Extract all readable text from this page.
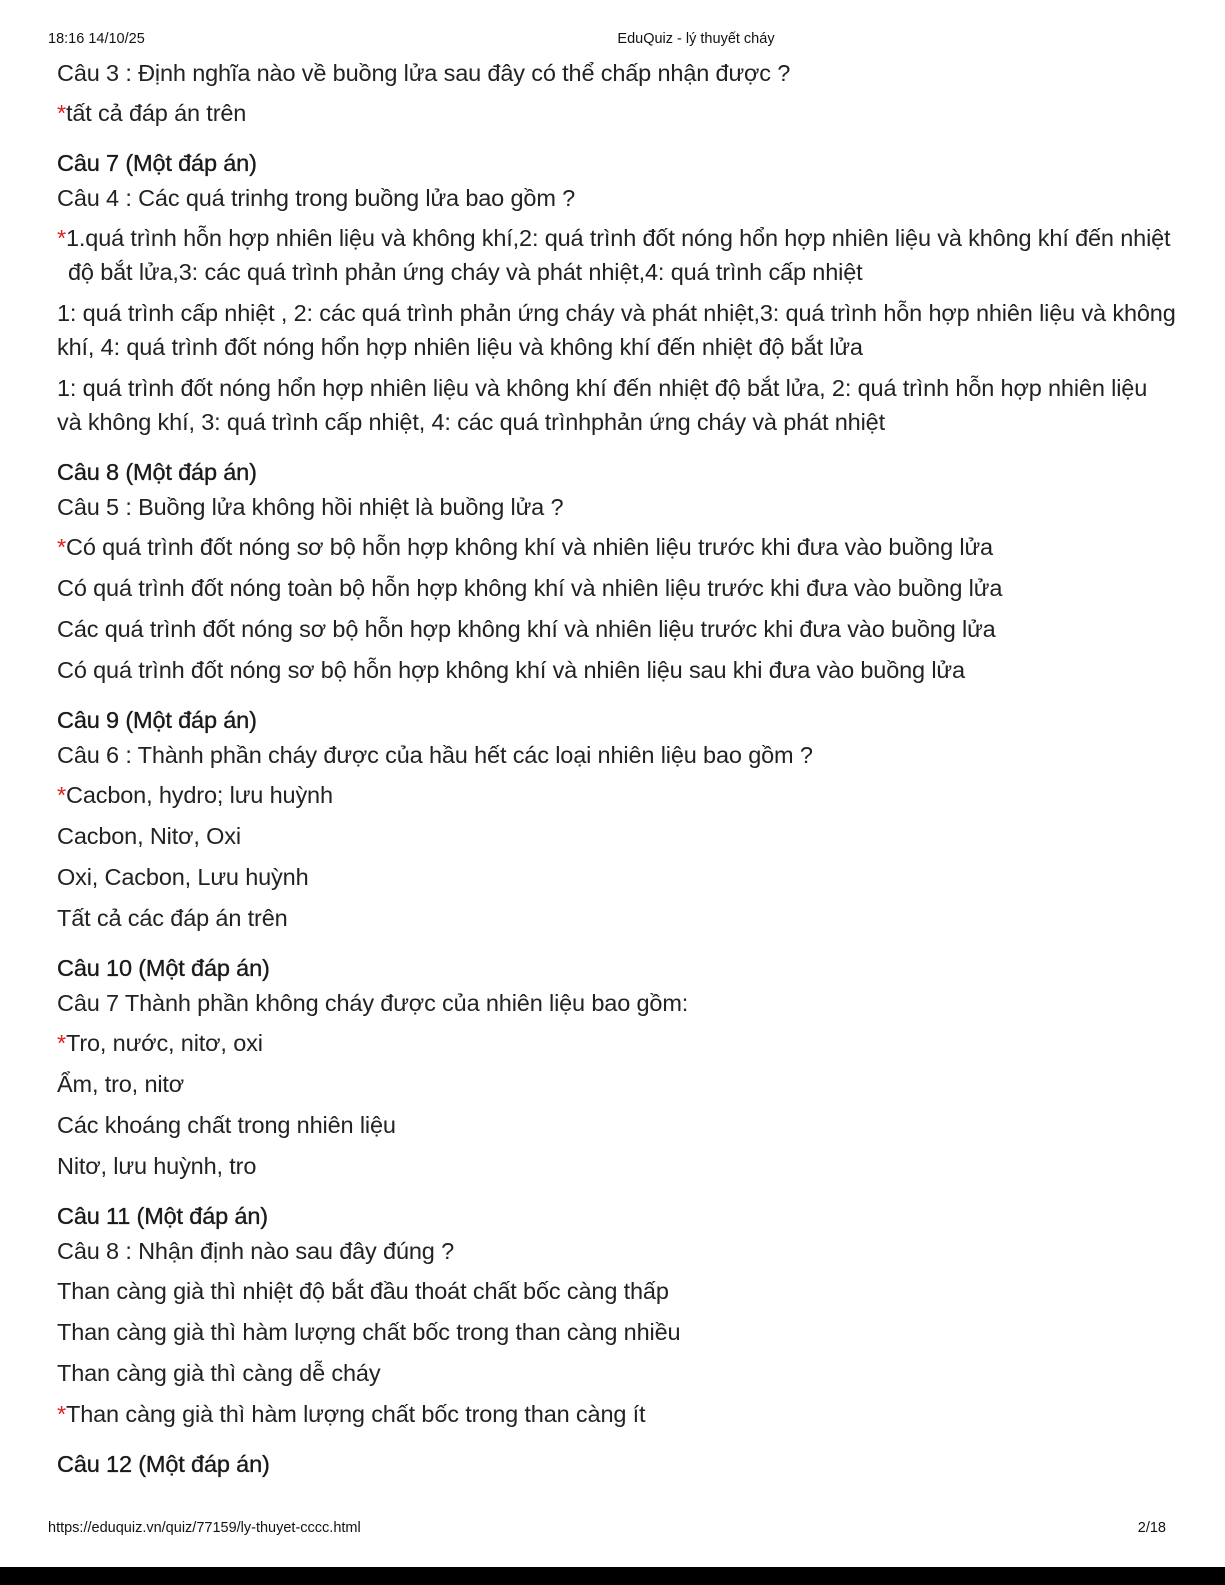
18:16 14/10/25	EduQuiz - lý thuyết cháy
Câu 3 : Định nghĩa nào về buồng lửa sau đây có thể chấp nhận được ?
*tất cả đáp án trên
Câu 7 (Một đáp án)
Câu 4 : Các quá trinhg trong buồng lửa bao gồm ?
*1.quá trình hỗn hợp nhiên liệu và không khí,2: quá trình đốt nóng hổn hợp nhiên liệu và không khí đến nhiệt độ bắt lửa,3: các quá trình phản ứng cháy và phát nhiệt,4: quá trình cấp nhiệt
1: quá trình cấp nhiệt , 2: các quá trình phản ứng cháy và phát nhiệt,3: quá trình hỗn hợp nhiên liệu và không khí, 4: quá trình đốt nóng hổn hợp nhiên liệu và không khí đến nhiệt độ bắt lửa
1: quá trình đốt nóng hổn hợp nhiên liệu và không khí đến nhiệt độ bắt lửa, 2: quá trình hỗn hợp nhiên liệu và không khí, 3: quá trình cấp nhiệt, 4: các quá trìnhphản ứng cháy và phát nhiệt
Câu 8 (Một đáp án)
Câu 5 : Buồng lửa không hồi nhiệt là buồng lửa ?
*Có quá trình đốt nóng sơ bộ hỗn hợp không khí và nhiên liệu trước khi đưa vào buồng lửa
Có quá trình đốt nóng toàn bộ hỗn hợp không khí và nhiên liệu trước khi đưa vào buồng lửa
Các quá trình đốt nóng sơ bộ hỗn hợp không khí và nhiên liệu trước khi đưa vào buồng lửa
Có quá trình đốt nóng sơ bộ hỗn hợp không khí và nhiên liệu sau khi đưa vào buồng lửa
Câu 9 (Một đáp án)
Câu 6 : Thành phần cháy được của hầu hết các loại nhiên liệu bao gồm ?
*Cacbon, hydro; lưu huỳnh
Cacbon, Nitơ, Oxi
Oxi, Cacbon, Lưu huỳnh
Tất cả các đáp án trên
Câu 10 (Một đáp án)
Câu 7 Thành phần không cháy được của nhiên liệu bao gồm:
*Tro, nước, nitơ, oxi
Ẩm, tro, nitơ
Các khoáng chất trong nhiên liệu
Nitơ, lưu huỳnh, tro
Câu 11 (Một đáp án)
Câu 8 : Nhận định nào sau đây đúng ?
Than càng già thì nhiệt độ bắt đầu thoát chất bốc càng thấp
Than càng già thì hàm lượng chất bốc trong than càng nhiều
Than càng già thì càng dễ cháy
*Than càng già thì hàm lượng chất bốc trong than càng ít
Câu 12 (Một đáp án)
https://eduquiz.vn/quiz/77159/ly-thuyet-cccc.html	2/18
